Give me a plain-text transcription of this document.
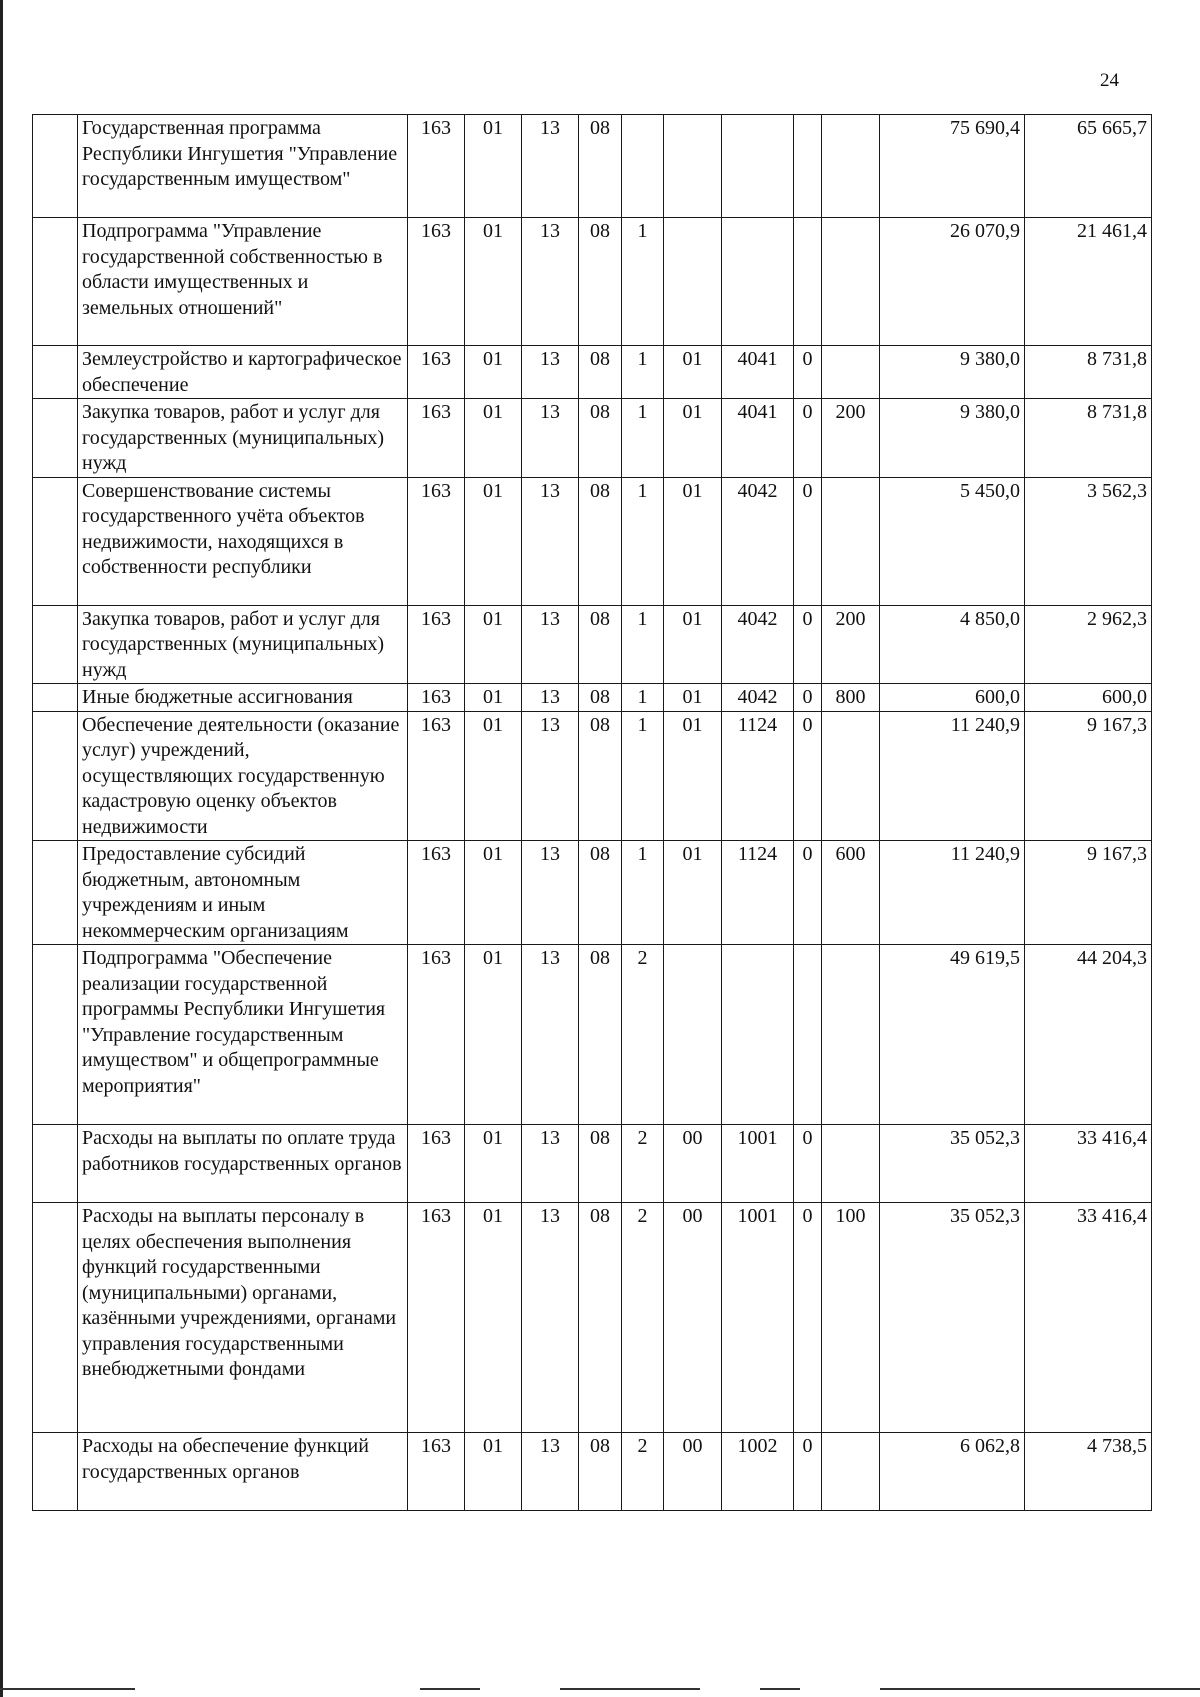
24
	Государственная программа Республики Ингушетия "Управление государственным имуществом"	163	01	13	08						75 690,4	65 665,7
	Подпрограмма "Управление государственной собственностью в области имущественных и земельных отношений"	163	01	13	08	1					26 070,9	21 461,4
	Землеустройство и картографическое обеспечение	163	01	13	08	1	01	4041	0		9 380,0	8 731,8
	Закупка товаров, работ и услуг для государственных (муниципальных) нужд	163	01	13	08	1	01	4041	0	200	9 380,0	8 731,8
	Совершенствование системы государственного учёта объектов недвижимости, находящихся в собственности республики	163	01	13	08	1	01	4042	0		5 450,0	3 562,3
	Закупка товаров, работ и услуг для государственных (муниципальных) нужд	163	01	13	08	1	01	4042	0	200	4 850,0	2 962,3
	Иные бюджетные ассигнования	163	01	13	08	1	01	4042	0	800	600,0	600,0
	Обеспечение деятельности (оказание услуг) учреждений, осуществляющих государственную кадастровую оценку объектов недвижимости	163	01	13	08	1	01	1124	0		11 240,9	9 167,3
	Предоставление субсидий бюджетным, автономным учреждениям и иным некоммерческим организациям	163	01	13	08	1	01	1124	0	600	11 240,9	9 167,3
	Подпрограмма "Обеспечение реализации государственной программы Республики Ингушетия "Управление государственным имуществом" и общепрограммные мероприятия"	163	01	13	08	2					49 619,5	44 204,3
	Расходы на выплаты по оплате труда работников государственных органов	163	01	13	08	2	00	1001	0		35 052,3	33 416,4
	Расходы на выплаты персоналу в целях обеспечения выполнения функций государственными (муниципальными) органами, казёнными учреждениями, органами управления государственными внебюджетными фондами	163	01	13	08	2	00	1001	0	100	35 052,3	33 416,4
	Расходы на обеспечение функций государственных органов	163	01	13	08	2	00	1002	0		6 062,8	4 738,5
